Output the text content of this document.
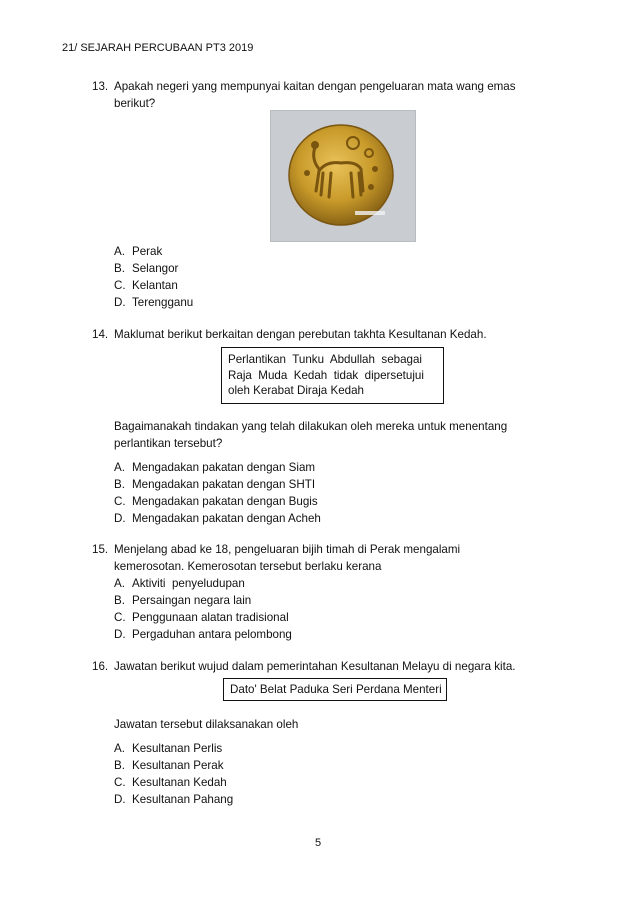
21/ SEJARAH PERCUBAAN PT3 2019
13. Apakah negeri yang mempunyai kaitan dengan pengeluaran mata wang emas
berikut?
A. Perak
B. Selangor
C. Kelantan
D. Terengganu
14. Maklumat berikut berkaitan dengan perebutan takhta Kesultanan Kedah.
Perlantikan  Tunku  Abdullah  sebagai
Raja  Muda  Kedah  tidak  dipersetujui
oleh Kerabat Diraja Kedah
Bagaimanakah tindakan yang telah dilakukan oleh mereka untuk menentang
perlantikan tersebut?
A. Mengadakan pakatan dengan Siam
B. Mengadakan pakatan dengan SHTI
C. Mengadakan pakatan dengan Bugis
D. Mengadakan pakatan dengan Acheh
15. Menjelang abad ke 18, pengeluaran bijih timah di Perak mengalami
kemerosotan. Kemerosotan tersebut berlaku kerana
A. Aktiviti  penyeludupan
B. Persaingan negara lain
C. Penggunaan alatan tradisional
D. Pergaduhan antara pelombong
16. Jawatan berikut wujud dalam pemerintahan Kesultanan Melayu di negara kita.
Dato' Belat Paduka Seri Perdana Menteri
Jawatan tersebut dilaksanakan oleh
A. Kesultanan Perlis
B. Kesultanan Perak
C. Kesultanan Kedah
D. Kesultanan Pahang
5
